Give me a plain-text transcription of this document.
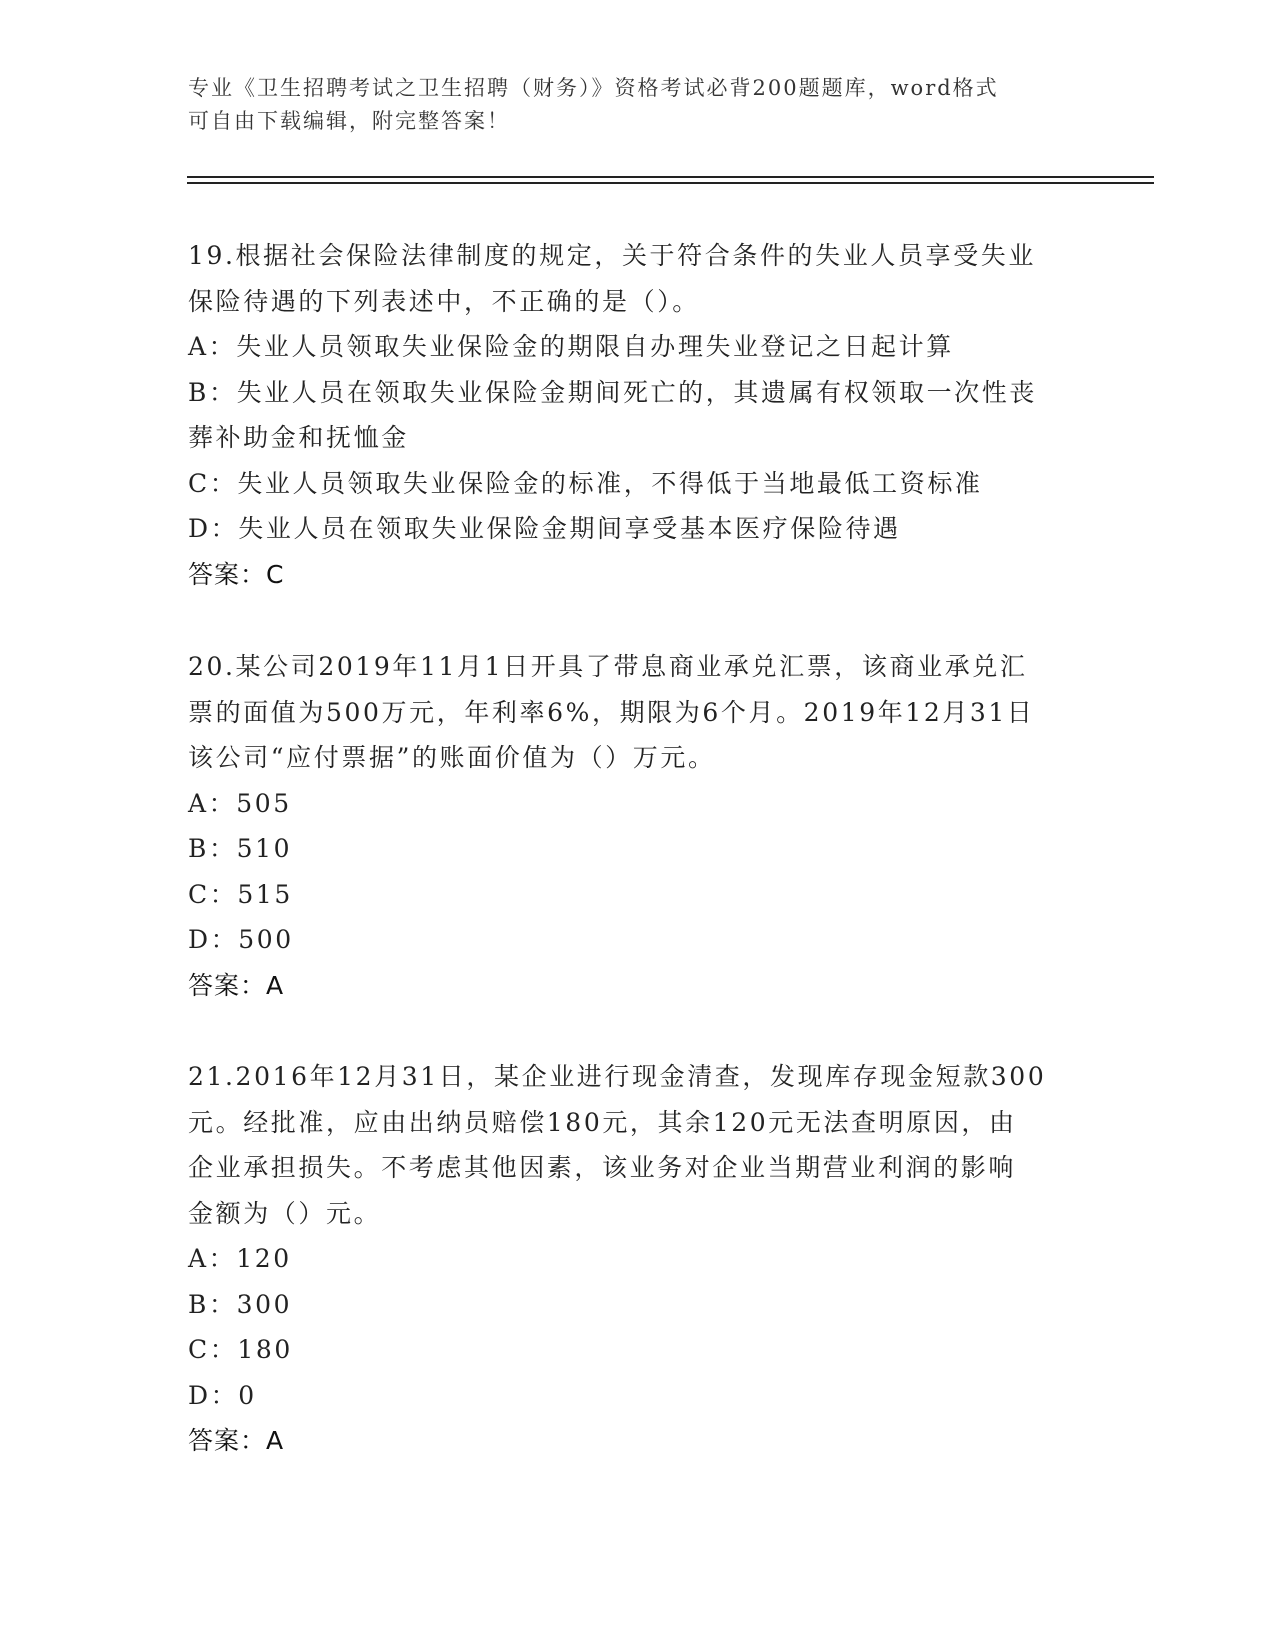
专业《卫生招聘考试之卫生招聘（财务）》资格考试必背200题题库，word格式
可自由下载编辑，附完整答案！
19.根据社会保险法律制度的规定，关于符合条件的失业人员享受失业
保险待遇的下列表述中，不正确的是（）。
A：失业人员领取失业保险金的期限自办理失业登记之日起计算
B：失业人员在领取失业保险金期间死亡的，其遗属有权领取一次性丧
葬补助金和抚恤金
C：失业人员领取失业保险金的标准，不得低于当地最低工资标准
D：失业人员在领取失业保险金期间享受基本医疗保险待遇
答案：C
20.某公司2019年11月1日开具了带息商业承兑汇票，该商业承兑汇
票的面值为500万元，年利率6%，期限为6个月。2019年12月31日
该公司“应付票据”的账面价值为（）万元。
A：505
B：510
C：515
D：500
答案：A
21.2016年12月31日，某企业进行现金清查，发现库存现金短款300
元。经批准，应由出纳员赔偿180元，其余120元无法查明原因，由
企业承担损失。不考虑其他因素，该业务对企业当期营业利润的影响
金额为（）元。
A：120
B：300
C：180
D：0
答案：A
